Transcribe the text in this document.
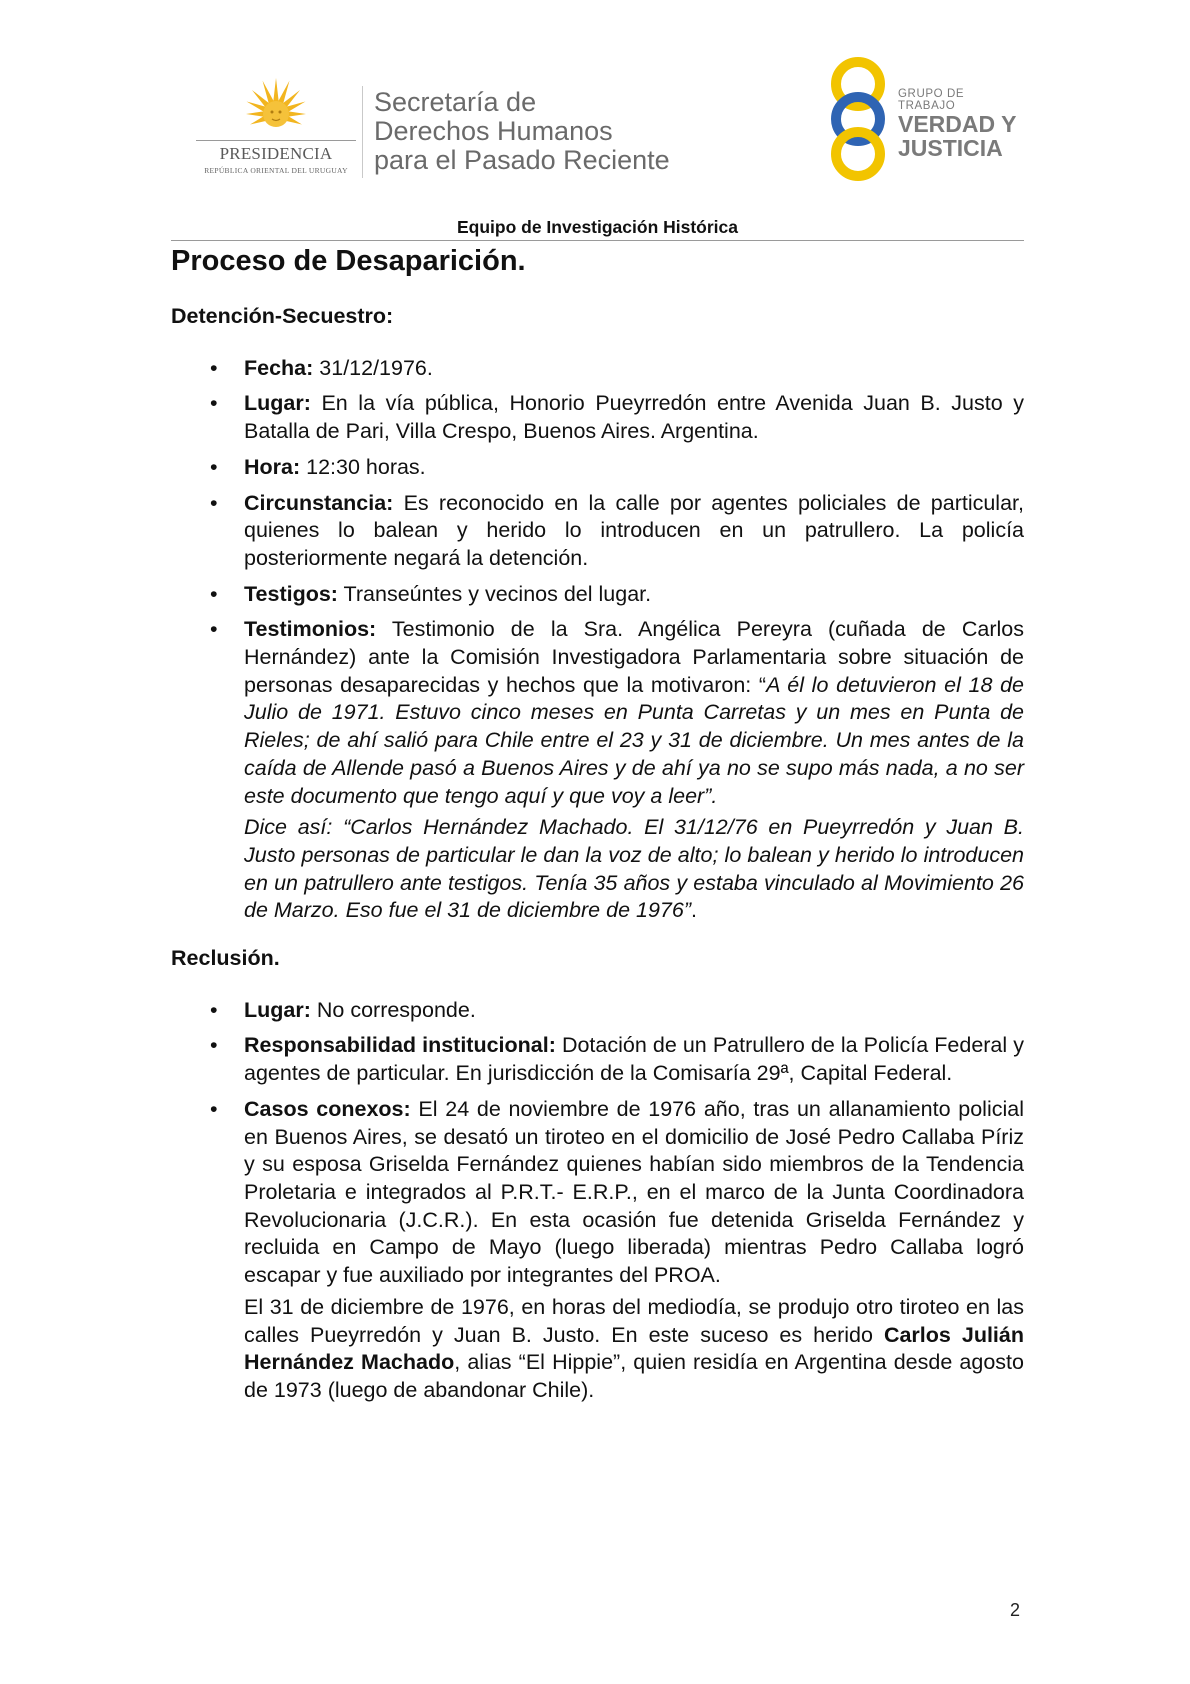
PRESIDENCIA
REPÚBLICA ORIENTAL DEL URUGUAY
Secretaría de
Derechos Humanos
para el Pasado Reciente
GRUPO DE TRABAJO
VERDAD Y
JUSTICIA
Equipo de Investigación Histórica
Proceso de Desaparición.
Detención-Secuestro:
• Fecha: 31/12/1976.
• Lugar: En la vía pública, Honorio Pueyrredón entre Avenida Juan B. Justo y Batalla de Pari, Villa Crespo, Buenos Aires. Argentina.
• Hora: 12:30 horas.
• Circunstancia: Es reconocido en la calle por agentes policiales de particular, quienes lo balean y herido lo introducen en un patrullero. La policía posteriormente negará la detención.
• Testigos: Transeúntes y vecinos del lugar.
• Testimonios: Testimonio de la Sra. Angélica Pereyra (cuñada de Carlos Hernández) ante la Comisión Investigadora Parlamentaria sobre situación de personas desaparecidas y hechos que la motivaron: “A él lo detuvieron el 18 de Julio de 1971. Estuvo cinco meses en Punta Carretas y un mes en Punta de Rieles; de ahí salió para Chile entre el 23 y 31 de diciembre. Un mes antes de la caída de Allende pasó a Buenos Aires y de ahí ya no se supo más nada, a no ser este documento que tengo aquí y que voy a leer”.
Dice así: “Carlos Hernández Machado. El 31/12/76 en Pueyrredón y Juan B. Justo personas de particular le dan la voz de alto; lo balean y herido lo introducen en un patrullero ante testigos. Tenía 35 años y estaba vinculado al Movimiento 26 de Marzo. Eso fue el 31 de diciembre de 1976”.
Reclusión.
• Lugar: No corresponde.
• Responsabilidad institucional: Dotación de un Patrullero de la Policía Federal y agentes de particular. En jurisdicción de la Comisaría 29ª, Capital Federal.
• Casos conexos: El 24 de noviembre de 1976 año, tras un allanamiento policial en Buenos Aires, se desató un tiroteo en el domicilio de José Pedro Callaba Píriz y su esposa Griselda Fernández quienes habían sido miembros de la Tendencia Proletaria e integrados al P.R.T.- E.R.P., en el marco de la Junta Coordinadora Revolucionaria (J.C.R.). En esta ocasión fue detenida Griselda Fernández y recluida en Campo de Mayo (luego liberada) mientras Pedro Callaba logró escapar y fue auxiliado por integrantes del PROA.
El 31 de diciembre de 1976, en horas del mediodía, se produjo otro tiroteo en las calles Pueyrredón y Juan B. Justo. En este suceso es herido Carlos Julián Hernández Machado, alias “El Hippie”, quien residía en Argentina desde agosto de 1973 (luego de abandonar Chile).
2
